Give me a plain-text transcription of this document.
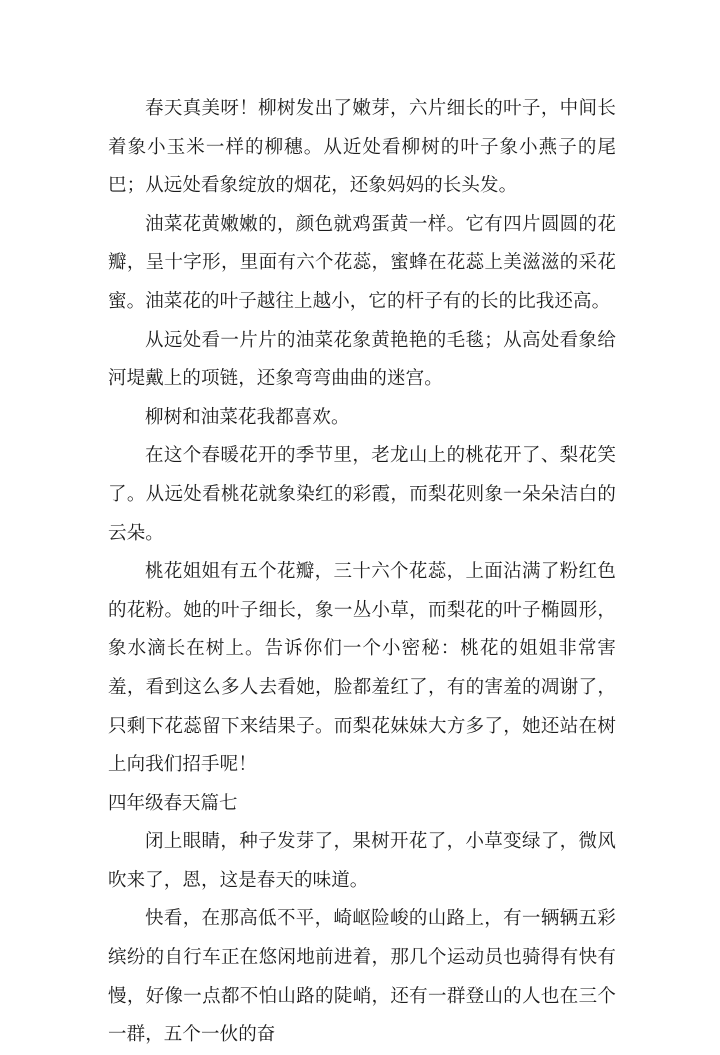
春天真美呀！柳树发出了嫩芽，六片细长的叶子，中间长着象小玉米一样的柳穗。从近处看柳树的叶子象小燕子的尾巴；从远处看象绽放的烟花，还象妈妈的长头发。

油菜花黄嫩嫩的，颜色就鸡蛋黄一样。它有四片圆圆的花瓣，呈十字形，里面有六个花蕊，蜜蜂在花蕊上美滋滋的采花蜜。油菜花的叶子越往上越小，它的杆子有的长的比我还高。

从远处看一片片的油菜花象黄艳艳的毛毯；从高处看象给河堤戴上的项链，还象弯弯曲曲的迷宫。

柳树和油菜花我都喜欢。

在这个春暖花开的季节里，老龙山上的桃花开了、梨花笑了。从远处看桃花就象染红的彩霞，而梨花则象一朵朵洁白的云朵。

桃花姐姐有五个花瓣，三十六个花蕊，上面沾满了粉红色的花粉。她的叶子细长，象一丛小草，而梨花的叶子椭圆形，象水滴长在树上。告诉你们一个小密秘：桃花的姐姐非常害羞，看到这么多人去看她，脸都羞红了，有的害羞的凋谢了，只剩下花蕊留下来结果子。而梨花妹妹大方多了，她还站在树上向我们招手呢！

四年级春天篇七

闭上眼睛，种子发芽了，果树开花了，小草变绿了，微风吹来了，恩，这是春天的味道。

快看，在那高低不平，崎岖险峻的山路上，有一辆辆五彩缤纷的自行车正在悠闲地前进着，那几个运动员也骑得有快有慢，好像一点都不怕山路的陡峭，还有一群登山的人也在三个一群，五个一伙的奋
